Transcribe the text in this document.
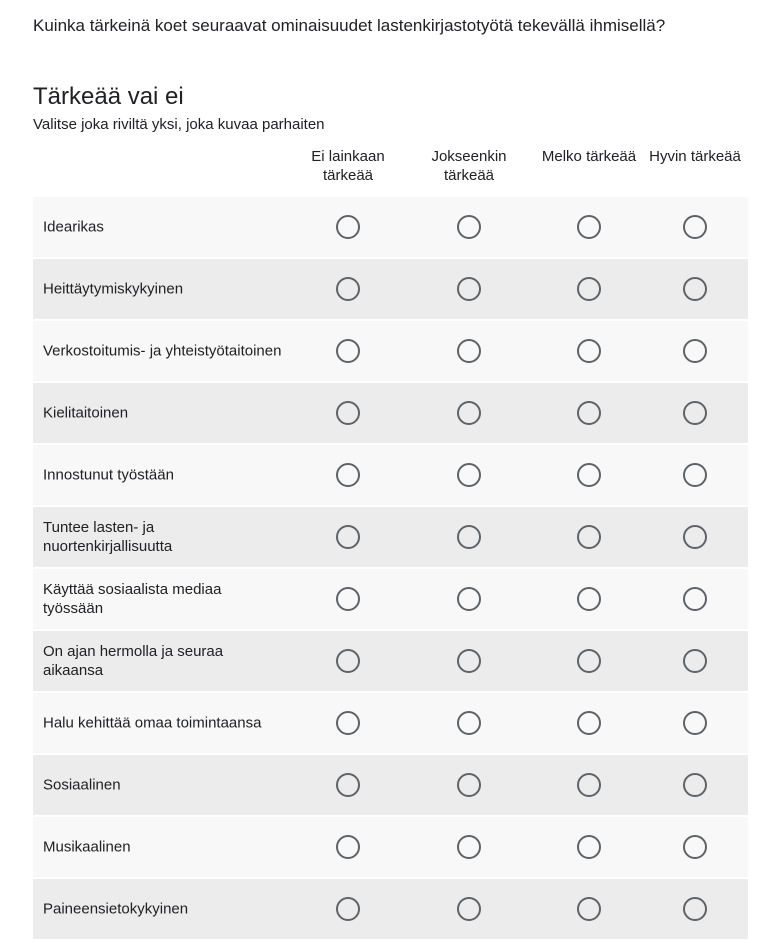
Kuinka tärkeinä koet seuraavat ominaisuudet lastenkirjastotyötä tekevällä ihmisellä?
Tärkeää vai ei
Valitse joka riviltä yksi, joka kuvaa parhaiten
Ei lainkaan tärkeää
Jokseenkin tärkeää
Melko tärkeää Hyvin tärkeää
Idearikas
Heittäytymiskykyinen
Verkostoitumis- ja yhteistyötaitoinen
Kielitaitoinen
Innostunut työstään
Tuntee lasten- ja nuortenkirjallisuutta
Käyttää sosiaalista mediaa työssään
On ajan hermolla ja seuraa aikaansa
Halu kehittää omaa toimintaansa
Sosiaalinen
Musikaalinen
Paineensietokykyinen
